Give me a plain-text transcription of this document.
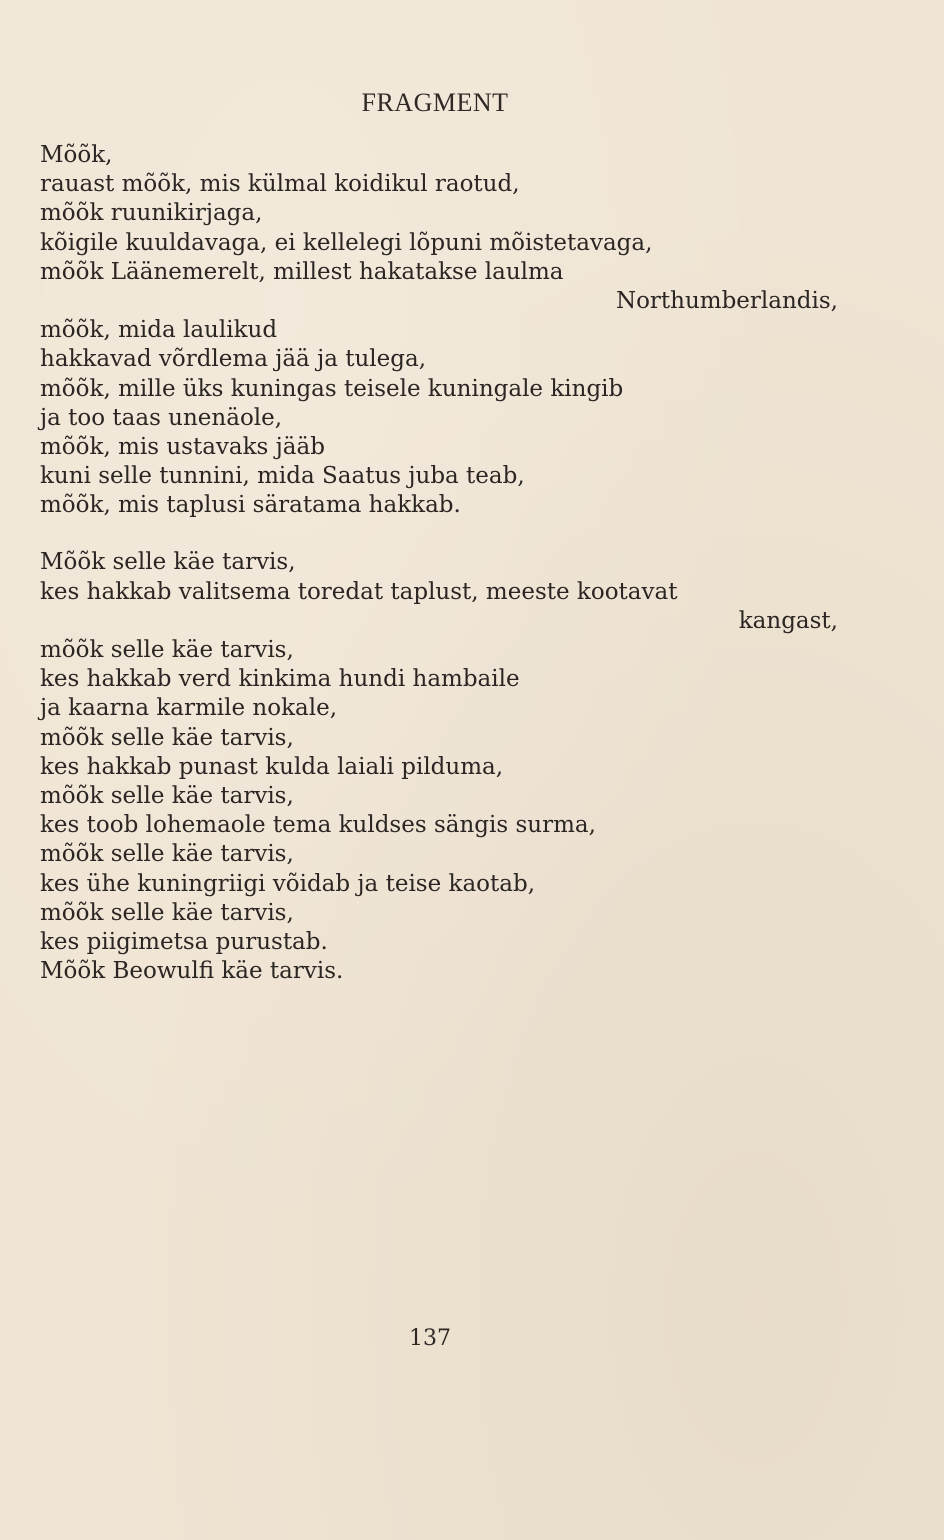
FRAGMENT
Mõõk,
rauast mõõk, mis külmal koidikul raotud,
mõõk ruunikirjaga,
kõigile kuuldavaga, ei kellelegi lõpuni mõistetavaga,
mõõk Läänemerelt, millest hakatakse laulma
Northumberlandis,
mõõk, mida laulikud
hakkavad võrdlema jää ja tulega,
mõõk, mille üks kuningas teisele kuningale kingib
ja too taas unenäole,
mõõk, mis ustavaks jääb
kuni selle tunnini, mida Saatus juba teab,
mõõk, mis taplusi säratama hakkab.
Mõõk selle käe tarvis,
kes hakkab valitsema toredat taplust, meeste kootavat
kangast,
mõõk selle käe tarvis,
kes hakkab verd kinkima hundi hambaile
ja kaarna karmile nokale,
mõõk selle käe tarvis,
kes hakkab punast kulda laiali pilduma,
mõõk selle käe tarvis,
kes toob lohemaole tema kuldses sängis surma,
mõõk selle käe tarvis,
kes ühe kuningriigi võidab ja teise kaotab,
mõõk selle käe tarvis,
kes piigimetsa purustab.
Mõõk Beowulfi käe tarvis.
137
